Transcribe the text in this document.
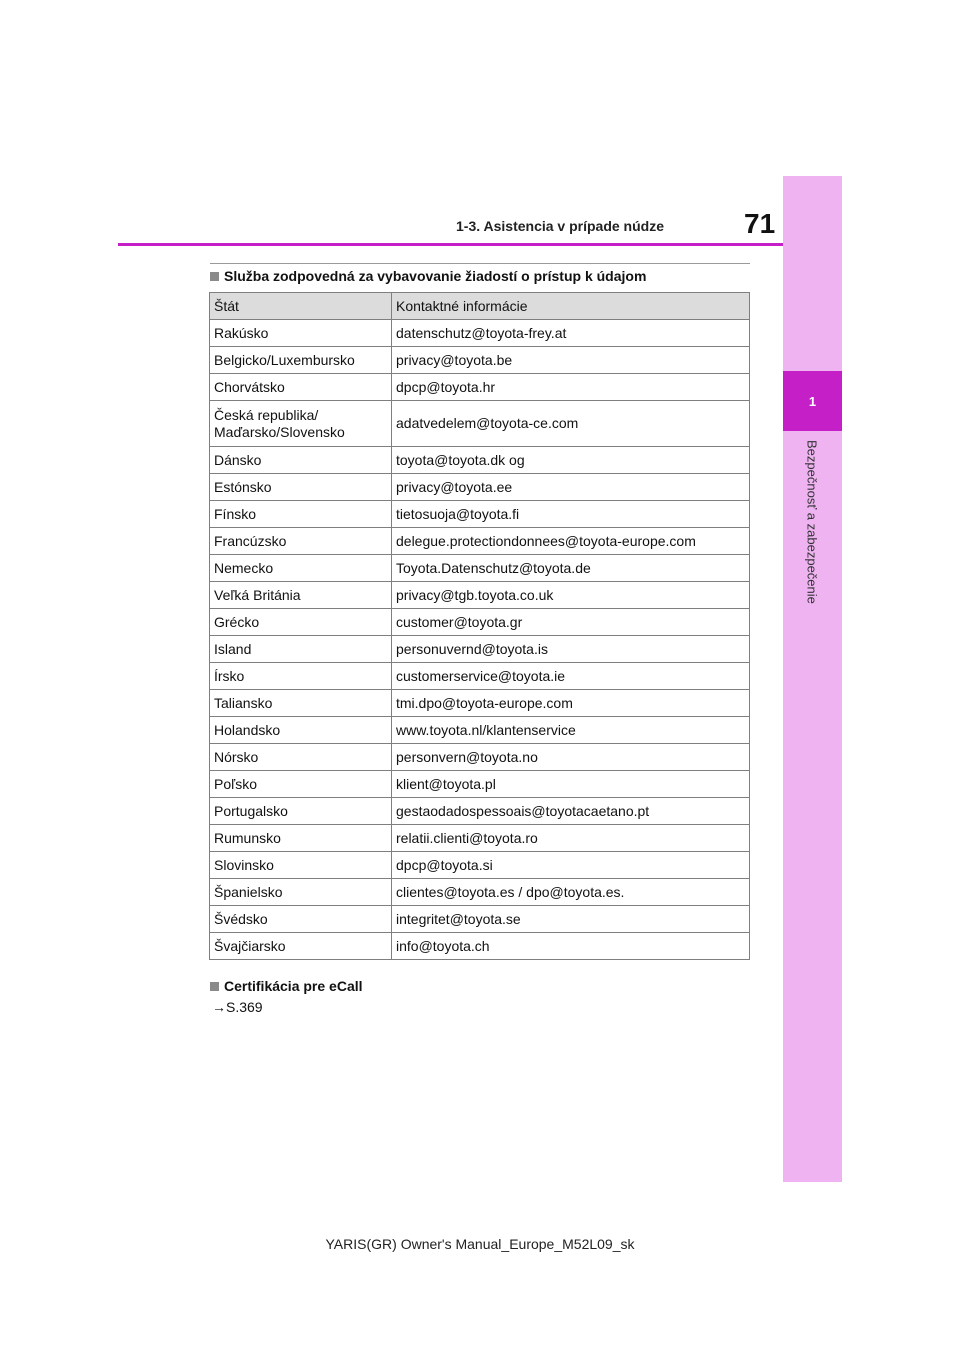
1
Bezpečnosť a zabezpečenie
1-3. Asistencia v prípade núdze	71
Služba zodpovedná za vybavovanie žiadostí o prístup k údajom
Štát	Kontaktné informácie
Rakúsko	datenschutz@toyota-frey.at
Belgicko/Luxembursko	privacy@toyota.be
Chorvátsko	dpcp@toyota.hr
Česká republika/
Maďarsko/Slovensko	adatvedelem@toyota-ce.com
Dánsko	toyota@toyota.dk og
Estónsko	privacy@toyota.ee
Fínsko	tietosuoja@toyota.fi
Francúzsko	delegue.protectiondonnees@toyota-europe.com
Nemecko	Toyota.Datenschutz@toyota.de
Veľká Británia	privacy@tgb.toyota.co.uk
Grécko	customer@toyota.gr
Island	personuvernd@toyota.is
Írsko	customerservice@toyota.ie
Taliansko	tmi.dpo@toyota-europe.com
Holandsko	www.toyota.nl/klantenservice
Nórsko	personvern@toyota.no
Poľsko	klient@toyota.pl
Portugalsko	gestaodadospessoais@toyotacaetano.pt
Rumunsko	relatii.clienti@toyota.ro
Slovinsko	dpcp@toyota.si
Španielsko	clientes@toyota.es / dpo@toyota.es.
Švédsko	integritet@toyota.se
Švajčiarsko	info@toyota.ch
Certifikácia pre eCall
→S.369
YARIS(GR) Owner's Manual_Europe_M52L09_sk
